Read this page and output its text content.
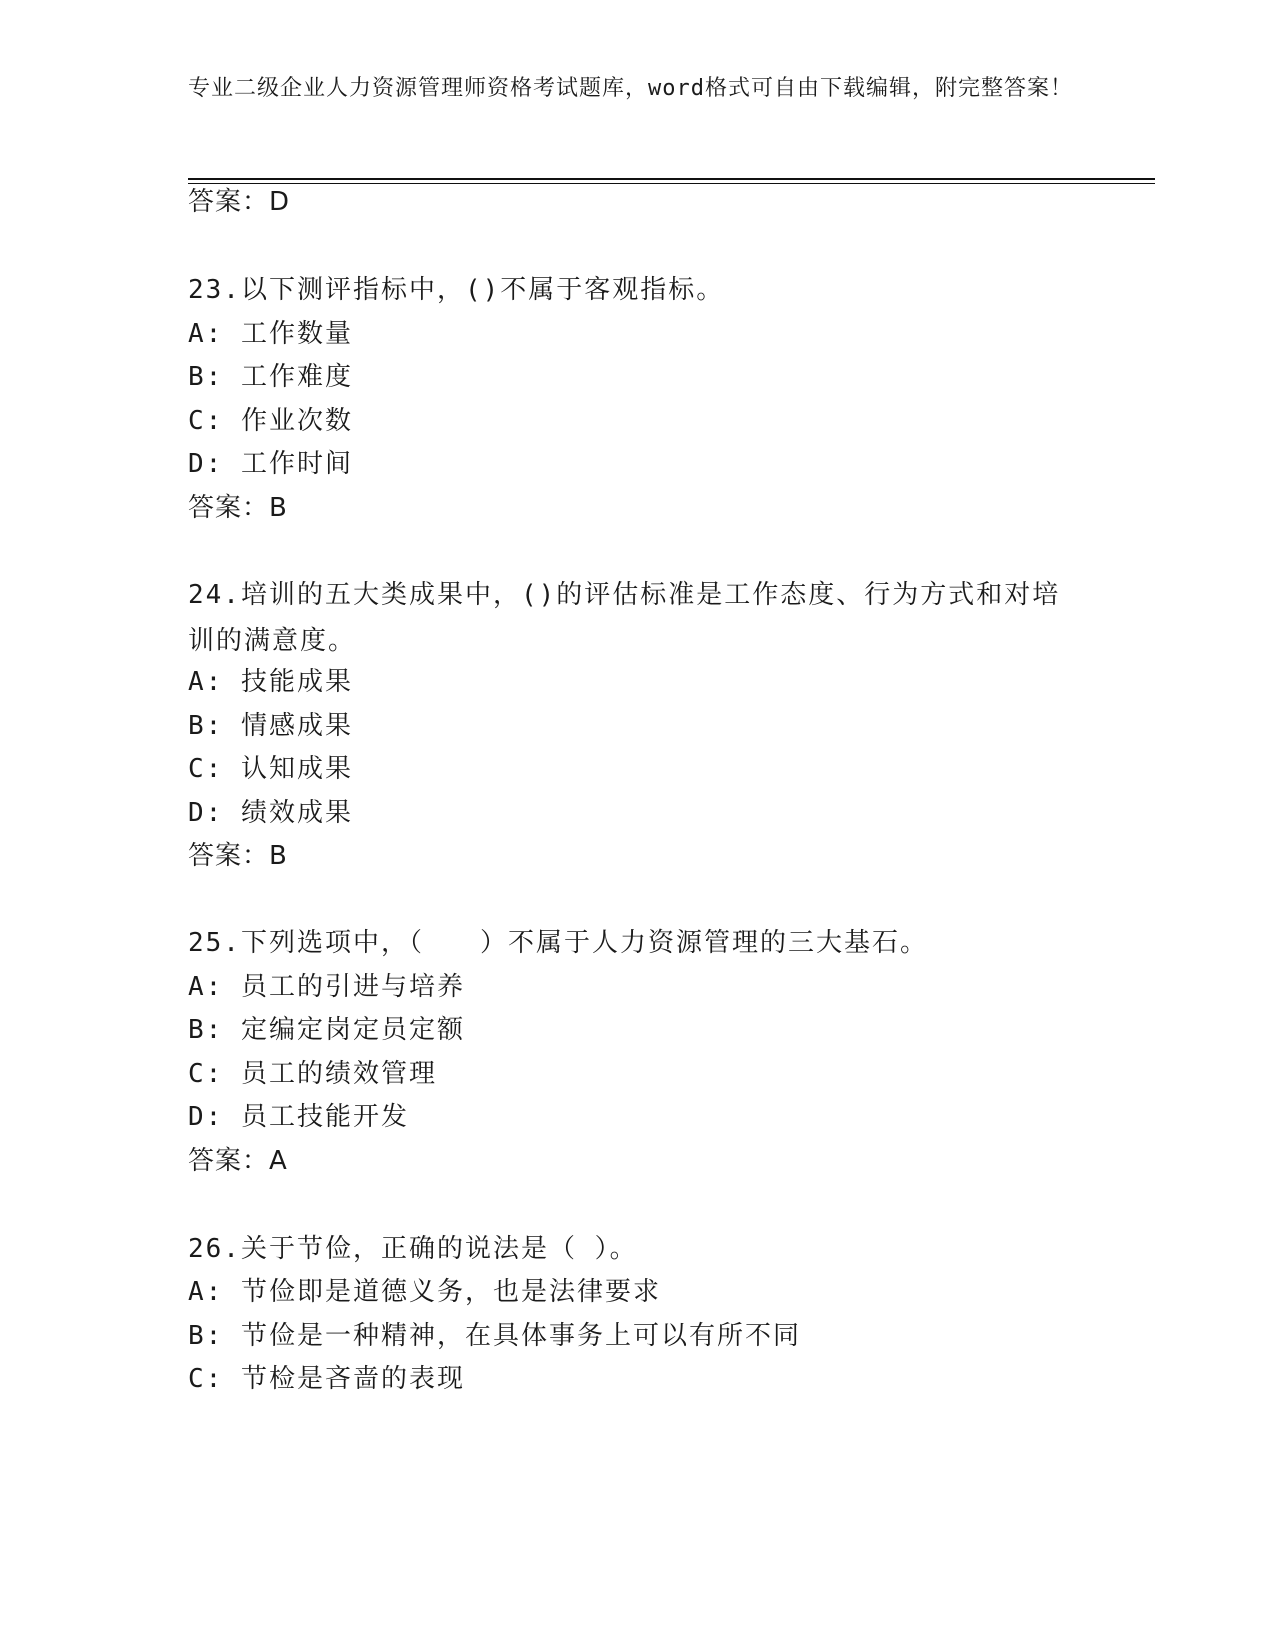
专业二级企业人力资源管理师资格考试题库，word格式可自由下载编辑，附完整答案！
答案：D
23.以下测评指标中，()不属于客观指标。
A: 工作数量
B: 工作难度
C: 作业次数
D: 工作时间
答案：B
24.培训的五大类成果中，()的评估标准是工作态度、行为方式和对培训的满意度。
A: 技能成果
B: 情感成果
C: 认知成果
D: 绩效成果
答案：B
25.下列选项中，（　　）不属于人力资源管理的三大基石。
A: 员工的引进与培养
B: 定编定岗定员定额
C: 员工的绩效管理
D: 员工技能开发
答案：A
26.关于节俭，正确的说法是（ ）。
A: 节俭即是道德义务，也是法律要求
B: 节俭是一种精神，在具体事务上可以有所不同
C: 节检是吝啬的表现
